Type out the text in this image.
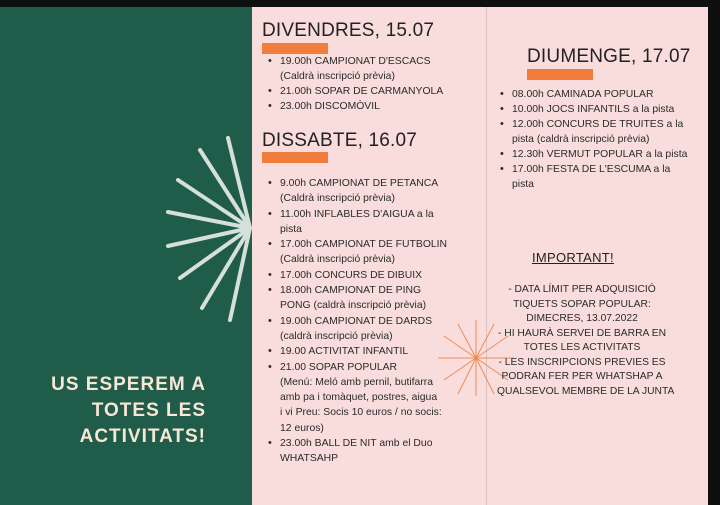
DIVENDRES, 15.07
• 19.00h CAMPIONAT D'ESCACS
(Caldrà inscripció prèvia)
• 21.00h SOPAR DE CARMANYOLA
• 23.00h DISCOMÒVIL
DISSABTE, 16.07
• 9.00h CAMPIONAT DE PETANCA
(Caldrà inscripció prèvia)
• 11.00h INFLABLES D'AIGUA a la
pista
• 17.00h CAMPIONAT DE FUTBOLIN
(Caldrà inscripció prèvia)
• 17.00h CONCURS DE DIBUIX
• 18.00h CAMPIONAT DE PING
PONG (caldrà inscripció prèvia)
• 19.00h CAMPIONAT DE DARDS
(caldrà inscripció prèvia)
• 19.00 ACTIVITAT INFANTIL
• 21.00 SOPAR POPULAR
(Menú: Meló amb pernil, butifarra
amb pa i tomàquet, postres, aigua
i vi Preu: Socis 10 euros / no socis:
12 euros)
• 23.00h BALL DE NIT amb el Duo
WHATSAHP
DIUMENGE, 17.07
• 08.00h CAMINADA POPULAR
• 10.00h JOCS INFANTILS a la pista
• 12.00h CONCURS DE TRUITES a la
pista (caldrà inscripció prèvia)
• 12.30h VERMUT POPULAR a la pista
• 17.00h FESTA DE L'ESCUMA a la
pista
IMPORTANT!
- DATA LÍMIT PER ADQUISICIÓ
TIQUETS SOPAR POPULAR:
DIMECRES, 13.07.2022
- HI HAURÀ SERVEI DE BARRA EN
TOTES LES ACTIVITATS
- LES INSCRIPCIONS PREVIES ES
PODRAN FER PER WHATSHAP A
QUALSEVOL MEMBRE DE LA JUNTA
US ESPEREM A
TOTES LES
ACTIVITATS!
